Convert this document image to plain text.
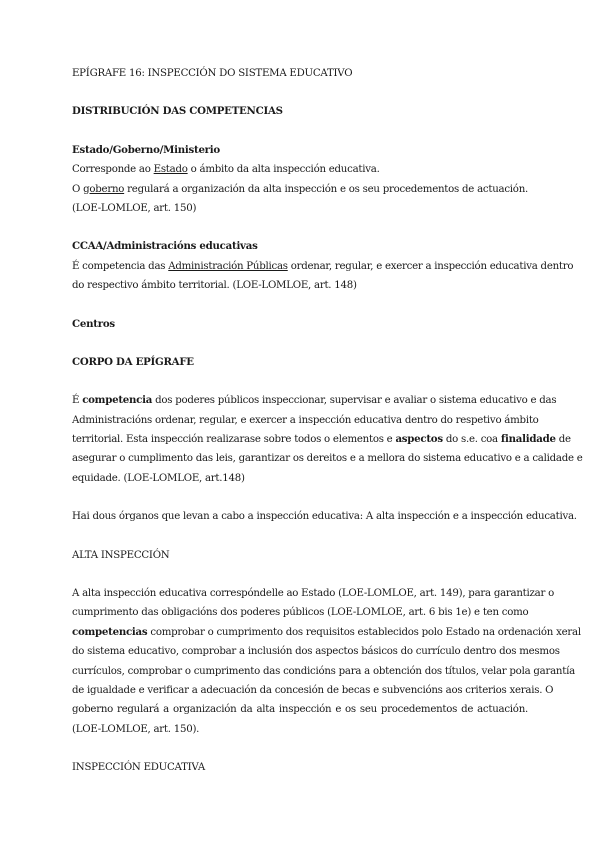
EPÍGRAFE 16: INSPECCIÓN DO SISTEMA EDUCATIVO
DISTRIBUCIÓN DAS COMPETENCIAS
Estado/Goberno/Ministerio
Corresponde ao Estado o ámbito da alta inspección educativa.
O goberno regulará a organización da alta inspección e os seu procedementos de actuación.
(LOE-LOMLOE, art. 150)
CCAA/Administracións educativas
É competencia das Administración Públicas ordenar, regular, e exercer a inspección educativa dentro
do respectivo ámbito territorial. (LOE-LOMLOE, art. 148)
Centros
CORPO DA EPÍGRAFE
É competencia dos poderes públicos inspeccionar, supervisar e avaliar o sistema educativo e das
Administracións ordenar, regular, e exercer a inspección educativa dentro do respetivo ámbito
territorial. Esta inspección realizarase sobre todos o elementos e aspectos do s.e. coa finalidade de
asegurar o cumplimento das leis, garantizar os dereitos e a mellora do sistema educativo e a calidade e
equidade. (LOE-LOMLOE, art.148)
Hai dous órganos que levan a cabo a inspección educativa: A alta inspección e a inspección educativa.
ALTA INSPECCIÓN
A alta inspección educativa correspóndelle ao Estado (LOE-LOMLOE, art. 149), para garantizar o
cumprimento das obligacións dos poderes públicos (LOE-LOMLOE, art. 6 bis 1e) e ten como
competencias comprobar o cumprimento dos requisitos establecidos polo Estado na ordenación xeral
do sistema educativo, comprobar a inclusión dos aspectos básicos do currículo dentro dos mesmos
currículos, comprobar o cumprimento das condicións para a obtención dos títulos, velar pola garantía
de igualdade e verificar a adecuación da concesión de becas e subvencións aos criterios xerais. O
goberno regulará a organización da alta inspección e os seu procedementos de actuación.
(LOE-LOMLOE, art. 150).
INSPECCIÓN EDUCATIVA
